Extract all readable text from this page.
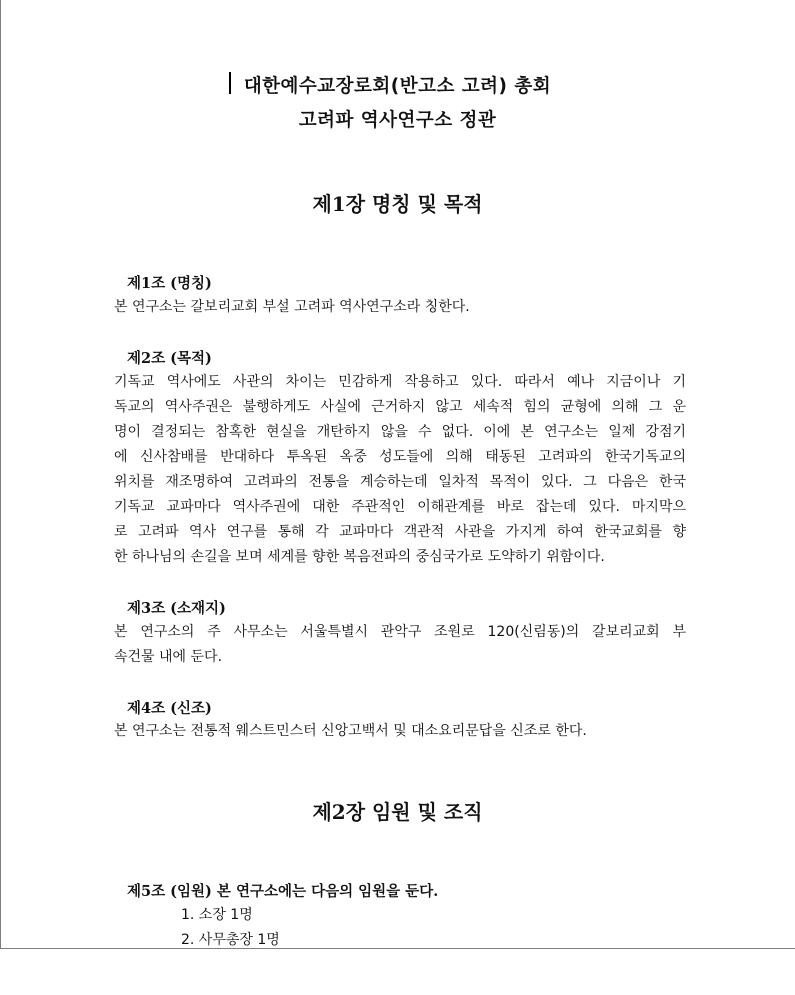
대한예수교장로회(반고소 고려) 총회
고려파 역사연구소 정관
제1장 명칭 및 목적
제1조 (명칭)
본 연구소는 갈보리교회 부설 고려파 역사연구소라 칭한다.
제2조 (목적)
기독교 역사에도 사관의 차이는 민감하게 작용하고 있다. 따라서 예나 지금이나 기
독교의 역사주권은 불행하게도 사실에 근거하지 않고 세속적 힘의 균형에 의해 그 운
명이 결정되는 참혹한 현실을 개탄하지 않을 수 없다. 이에 본 연구소는 일제 강점기
에 신사참배를 반대하다 투옥된 옥중 성도들에 의해 태동된 고려파의 한국기독교의
위치를 재조명하여 고려파의 전통을 계승하는데 일차적 목적이 있다. 그 다음은 한국
기독교 교파마다 역사주권에 대한 주관적인 이해관계를 바로 잡는데 있다. 마지막으
로 고려파 역사 연구를 통해 각 교파마다 객관적 사관을 가지게 하여 한국교회를 향
한 하나님의 손길을 보며 세계를 향한 복음전파의 중심국가로 도약하기 위함이다.
제3조 (소재지)
본 연구소의 주 사무소는 서울특별시 관악구 조원로 120(신림동)의 갈보리교회 부
속건물 내에 둔다.
제4조 (신조)
본 연구소는 전통적 웨스트민스터 신앙고백서 및 대소요리문답을 신조로 한다.
제2장 임원 및 조직
제5조 (임원) 본 연구소에는 다음의 임원을 둔다.
1. 소장 1명
2. 사무총장 1명
